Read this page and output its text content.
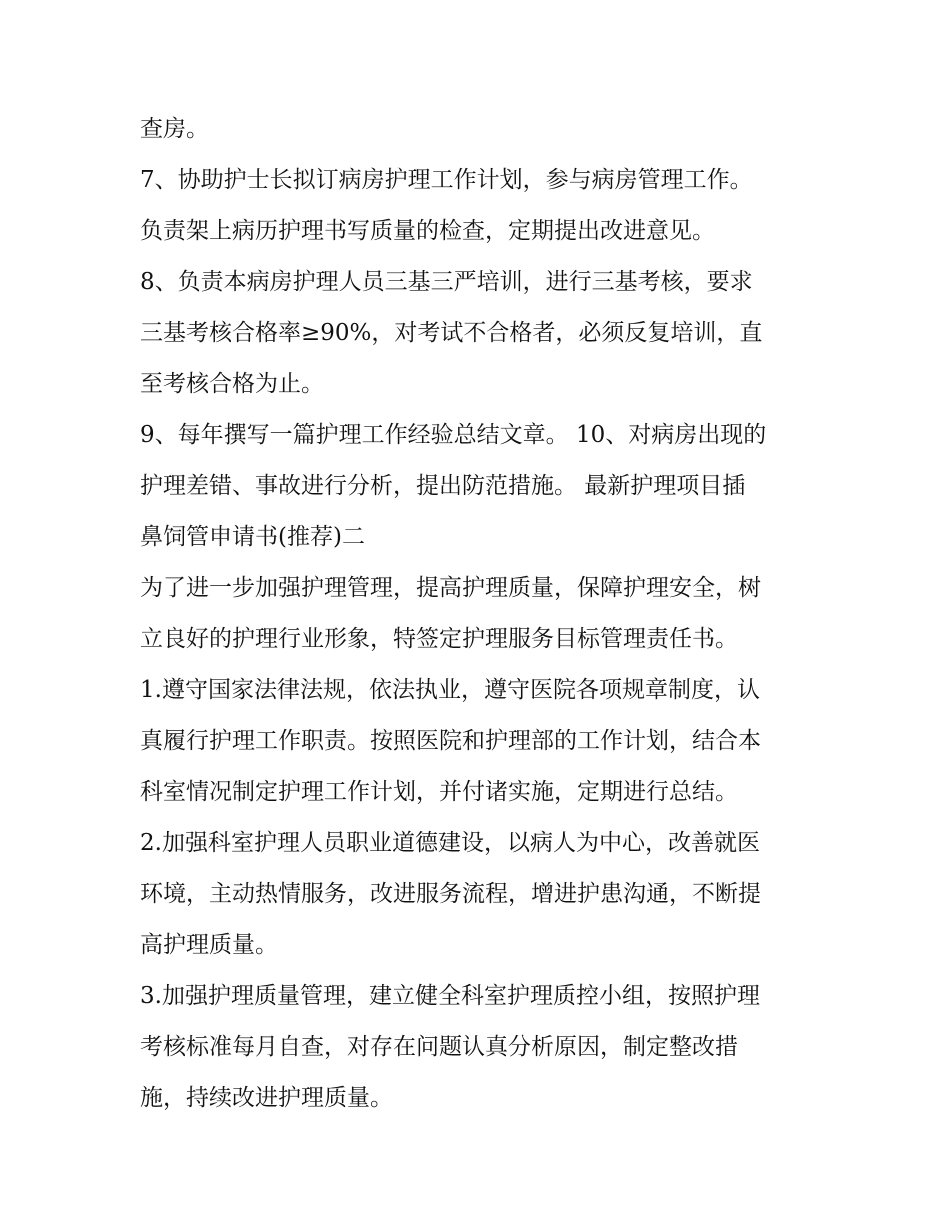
查房。
7、协助护士长拟订病房护理工作计划，参与病房管理工作。
负责架上病历护理书写质量的检查，定期提出改进意见。
8、负责本病房护理人员三基三严培训，进行三基考核，要求
三基考核合格率≥90%，对考试不合格者，必须反复培训，直
至考核合格为止。
9、每年撰写一篇护理工作经验总结文章。 10、对病房出现的
护理差错、事故进行分析，提出防范措施。 最新护理项目插
鼻饲管申请书(推荐)二
为了进一步加强护理管理，提高护理质量，保障护理安全，树
立良好的护理行业形象，特签定护理服务目标管理责任书。
1.遵守国家法律法规，依法执业，遵守医院各项规章制度，认
真履行护理工作职责。按照医院和护理部的工作计划，结合本
科室情况制定护理工作计划，并付诸实施，定期进行总结。
2.加强科室护理人员职业道德建设，以病人为中心，改善就医
环境，主动热情服务，改进服务流程，增进护患沟通，不断提
高护理质量。
3.加强护理质量管理，建立健全科室护理质控小组，按照护理
考核标准每月自查，对存在问题认真分析原因，制定整改措
施，持续改进护理质量。
